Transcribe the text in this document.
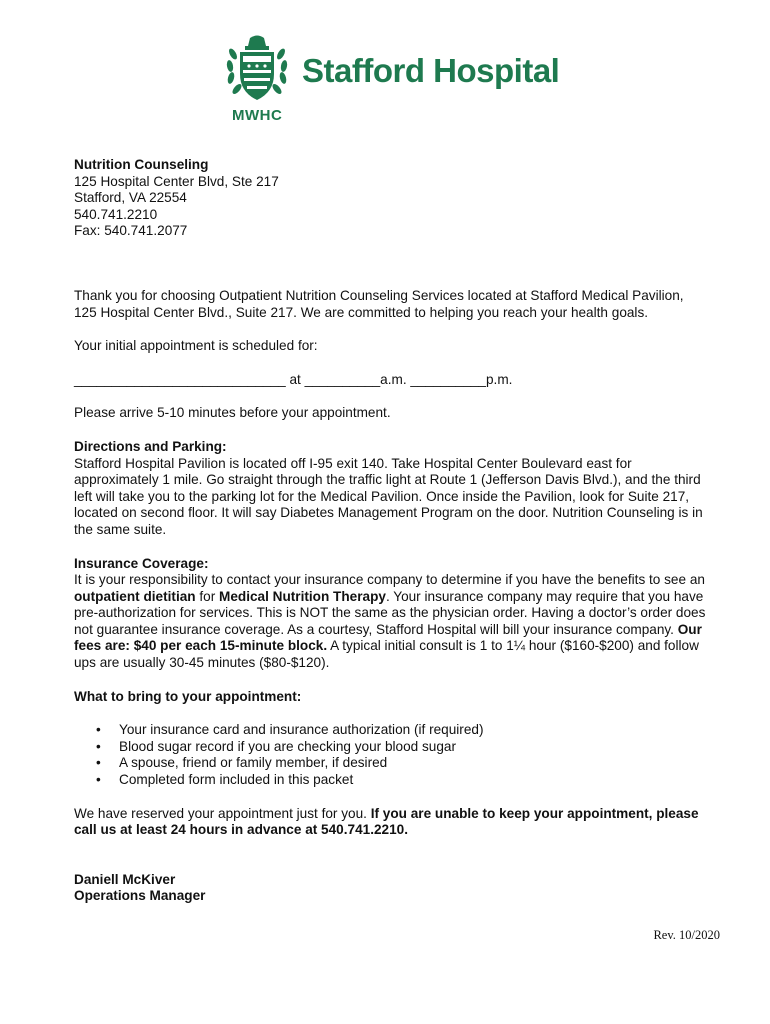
Stafford Hospital
MWHC

Nutrition Counseling

125 Hospital Center Blvd, Ste 217

Stafford, VA 22554

540.741.2210

Fax: 540.741.2077

Thank you for choosing Outpatient Nutrition Counseling Services located at Stafford Medical Pavilion,

125 Hospital Center Blvd., Suite 217. We are committed to helping you reach your health goals.

Your initial appointment is scheduled for:

____________________________ at __________a.m. __________p.m.

Please arrive 5-10 minutes before your appointment.

Directions and Parking:

Stafford Hospital Pavilion is located off I-95 exit 140. Take Hospital Center Boulevard east for

approximately 1 mile. Go straight through the traffic light at Route 1 (Jefferson Davis Blvd.), and the third

left will take you to the parking lot for the Medical Pavilion. Once inside the Pavilion, look for Suite 217,

located on second floor. It will say Diabetes Management Program on the door. Nutrition Counseling is in

the same suite.

Insurance Coverage:

It is your responsibility to contact your insurance company to determine if you have the benefits to see an

outpatient dietitian for Medical Nutrition Therapy. Your insurance company may require that you have

pre-authorization for services. This is NOT the same as the physician order. Having a doctor’s order does

not guarantee insurance coverage. As a courtesy, Stafford Hospital will bill your insurance company. Our

fees are: $40 per each 15-minute block. A typical initial consult is 1 to 1¼ hour ($160-$200) and follow

ups are usually 30-45 minutes ($80-$120).

What to bring to your appointment:

• Your insurance card and insurance authorization (if required)
• Blood sugar record if you are checking your blood sugar
• A spouse, friend or family member, if desired
• Completed form included in this packet

We have reserved your appointment just for you. If you are unable to keep your appointment, please

call us at least 24 hours in advance at 540.741.2210.

Daniell McKiver

Operations Manager

Rev. 10/2020
